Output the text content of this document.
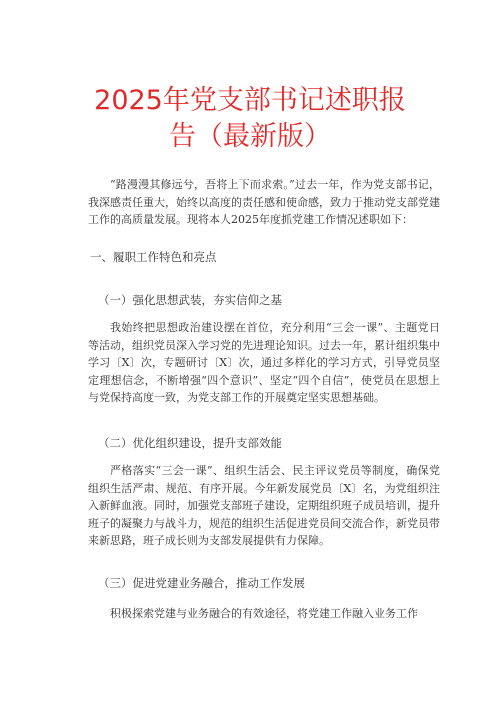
2025年党支部书记述职报
告（最新版）

“路漫漫其修远兮，吾将上下而求索。”过去一年，作为党支部书记，我深感责任重大，始终以高度的责任感和使命感，致力于推动党支部党建工作的高质量发展。现将本人2025年度抓党建工作情况述职如下：

一、履职工作特色和亮点

（一）强化思想武装，夯实信仰之基

我始终把思想政治建设摆在首位，充分利用“三会一课”、主题党日等活动，组织党员深入学习党的先进理论知识。过去一年，累计组织集中学习〔X〕次，专题研讨〔X〕次，通过多样化的学习方式，引导党员坚定理想信念，不断增强“四个意识”、坚定“四个自信”，使党员在思想上与党保持高度一致，为党支部工作的开展奠定坚实思想基础。

（二）优化组织建设，提升支部效能

严格落实“三会一课”、组织生活会、民主评议党员等制度，确保党组织生活严肃、规范、有序开展。今年新发展党员〔X〕名，为党组织注入新鲜血液。同时，加强党支部班子建设，定期组织班子成员培训，提升班子的凝聚力与战斗力，规范的组织生活促进党员间交流合作，新党员带来新思路，班子成长则为支部发展提供有力保障。

（三）促进党建业务融合，推动工作发展

积极探索党建与业务融合的有效途径，将党建工作融入业务工作
